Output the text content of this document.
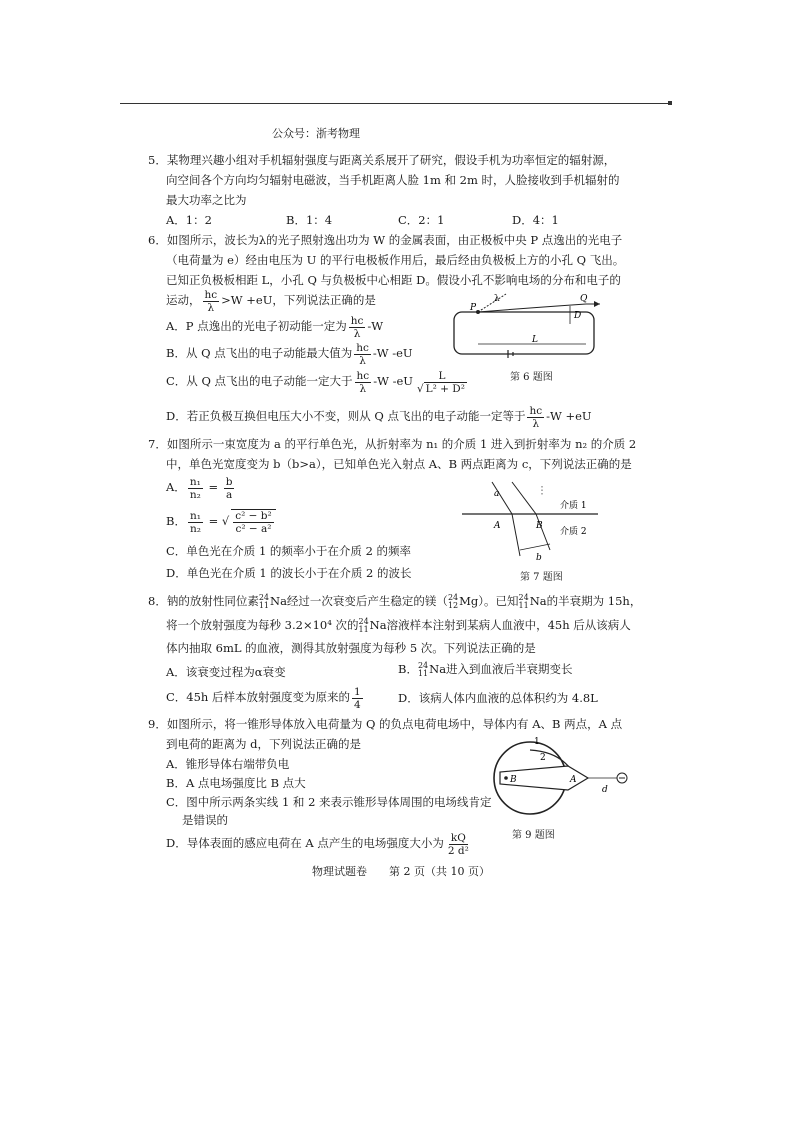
公众号：浙考物理
5．某物理兴趣小组对手机辐射强度与距离关系展开了研究，假设手机为功率恒定的辐射源，
向空间各个方向均匀辐射电磁波，当手机距离人脸 1m 和 2m 时，人脸接收到手机辐射的
最大功率之比为
A．1：2	B．1：4	C．2：1	D．4：1
6．如图所示，波长为λ的光子照射逸出功为 W 的金属表面，由正极板中央 P 点逸出的光电子
（电荷量为 e）经由电压为 U 的平行电极板作用后，最后经由负极板上方的小孔 Q 飞出。
已知正负极板相距 L，小孔 Q 与负极板中心相距 D。假设小孔不影响电场的分布和电子的
运动， $\frac{hc}{\lambda} >W +eU$，下列说法正确的是
A．P 点逸出的光电子初动能一定为 $\frac{hc}{\lambda} -W$
B．从 Q 点飞出的电子动能最大值为 $\frac{hc}{\lambda} -W$ -eU
C．从 Q 点飞出的电子动能一定大于 $\frac{hc}{\lambda} -W$ $-eU \frac{L}{\text{√ L² + D²}}$
D．若正负极互换但电压大小不变，则从 Q 点飞出的电子动能一定等于 $\frac{hc}{\lambda} -W +eU$
λ
P
Q
D
L
第 6 题图
7．如图所示一束宽度为 a 的平行单色光，从折射率为 n₁ 的介质 1 进入到折射率为 n₂ 的介质 2
中，单色光宽度变为 b（b>a），已知单色光入射点 A、B 两点距离为 c，下列说法正确的是
A． $\frac{\text{n₁}}{\text{n₂}} = \frac{b}{a}$
B． $\frac{\text{n₁}}{\text{n₂}}$ = √ $\frac{\text{c² − b²}}{\text{c² − a²}}$
C．单色光在介质 1 的频率小于在介质 2 的频率
D．单色光在介质 1 的波长小于在介质 2 的波长
a
A	B
b
介质 1
介质 2
第 7 题图
8．钠的放射性同位素 24
11 Na经过一次衰变后产生稳定的镁（ 24
12 Mg）。已知 24
11 Na的半衰期为 15h，
将一个放射强度为每秒 3.2×10⁴ 次的 24
11 Na溶液样本注射到某病人血液中，45h 后从该病人
体内抽取 6mL 的血液，测得其放射强度为每秒 5 次。下列说法正确的是
A．该衰变过程为α衰变	B． 24
11 Na进入到血液后半衰期变长
C．45h 后样本放射强度变为原来的 $\frac{1}{4}$	D．该病人体内血液的总体积约为 4.8L
9．如图所示，将一锥形导体放入电荷量为 Q 的负点电荷电场中，导体内有 A、B 两点，A 点
到电荷的距离为 d，下列说法正确的是
A．锥形导体右端带负电
B．A 点电场强度比 B 点大
C．图中所示两条实线 1 和 2 来表示锥形导体周围的电场线肯定
是错误的
D．导体表面的感应电荷在 A 点产生的电场强度大小为 $\frac{kQ}{\text{2 d²}}$
1
2
B	A
d
第 9 题图
物理试题卷　　第 2 页（共 10 页）
